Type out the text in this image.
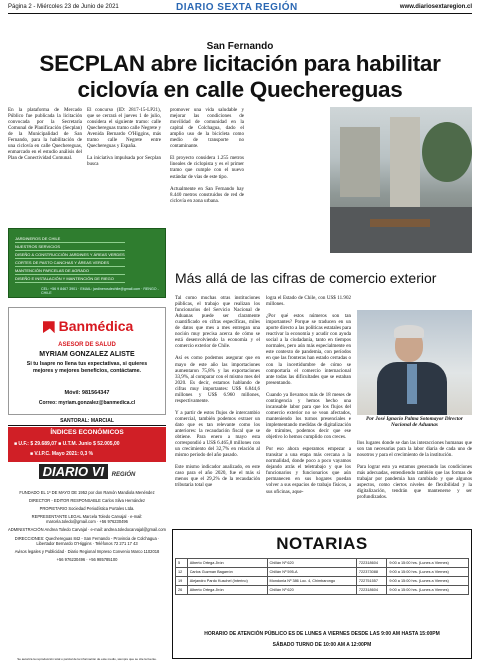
Página 2 - Miércoles 23 de Junio de 2021	DIARIO SEXTA REGIÓN	www.diariosextaregion.cl
San Fernando
SECPLAN abre licitación para habilitar ciclovía en calle Quechereguas
En la plataforma de Mercado Público fue publicada la licitación convocada por la Secretaría Comunal de Planificación (Secplan) de la Municipalidad de San Fernando, para la habilitación de una ciclovía en calle Quechereguas, enmarcado en el estudio análisis del Plan de Conectividad Comunal.
El concurso (ID: 2817-15-LP21), que se cerrará el jueves 1 de julio, considera el siguiente tramo: calle Quechereguas tramo calle Negrete y Avenida Bernardo O'Higgins, más tramo calle Negrete entre Quechereguas y España.

La iniciativa impulsada por Secplan busca
promover una vida saludable y mejorar las condiciones de movilidad de comunidad en la capital de Colchagua, dado el amplio uso de la bicicleta como medio de transporte no contaminante.

El proyecto considera 1.255 metros lineales de ciclopista y es el primer tramo que cumple con el nuevo estándar de vías de este tipo.

Actualmente en San Fernando hay 8.440 metros construidos de red de ciclovía en zona urbana.
JARDINEROS DE CHILE
NUESTROS SERVICIOS
DISEÑO & CONSTRUCCIÓN JARDINES Y ÁREAS VERDES
CORTES DE PASTO CANCHAS Y ÁREAS VERDES
MANTENCIÓN PARCELAS DE AGRADO
DISEÑO E INSTALACIÓN Y MANTENCIÓN DE RIEGO
CEL: +56 9 8467 3901 · EMAIL: jardinerosdechile@gmail.com · RENGO - CHILE
Más allá de las cifras de comercio exterior
Tal como muchas otras instituciones públicas, el trabajo que realizan los funcionarios del Servicio Nacional de Aduanas puede ser claramente cuantificado en cifras específicas, miles de datos que mes a mes entregan una noción muy precisa acerca de cómo se está desenvolviendo la economía y el comercio exterior de Chile.

Así es como podemos asegurar que en mayo de este año las importaciones aumentaron 75,8% y las exportaciones 33,9%, al comparar con el mismo mes del 2020. Es decir, estamos hablando de cifras muy importantes: US$ 6.844,6 millones y US$ 6.960 millones, respectivamente.

Y a partir de estos flujos de intercambio comercial, también podemos extraer un dato que es tan relevante como los anteriores: la recaudación fiscal que se obtiene. Para enero a mayo esta correspondió a US$ 6.465,8 millones con un crecimiento del 32,7% en relación al mismo periodo del año pasado.

Este mismo indicador analizado, en este caso para el año 2020, fue el más sí menos que el 29,2% de la recaudación tributaria total que
logra el Estado de Chile, con US$ 11.902 millones.

¿Por qué estos números son tan importantes? Porque se traducen en un aporte directo a las políticas estatales para reactivar la economía y acudir con ayuda social a la ciudadanía, tanto en tiempos normales, pero aún más especialmente en este contexto de pandemia, con períodos en que las fronteras han estado cerradas o con la incertidumbre de cómo se comportaría el comercio internacional ante todas las dificultades que se estaban presentando.

Cuando ya llevamos más de 18 meses de contingencia y hemos hecho una incansable labor para que los flujos del comercio exterior no se vean afectados, manteniendo los turnos presenciales e implementando medidas de digitalización de trámites, podemos decir que ese objetivo lo hemos cumplido con creces.

Por eso ahora esperamos empezar a transitar a una etapa más cercana a la normalidad, donde poco a poco vayamos dejando atrás el teletrabajo y que los funcionarios y funcionarios que aún permanecen en sus hogares puedan volver a sus espacios de trabajo físicos, a sus oficinas, aque-
llos lugares donde se dan las interacciones humanas que son tan necesarias para la labor diaria de cada uno de nosotros y para el crecimiento de la institución.

Para lograr esto ya estamos generando las condiciones más adecuadas, entendiendo también que las formas de trabajar por pandemia han cambiado y que algunos aspectos, como ciertos niveles de flexibilidad y la digitalización, tendrán que mantenerse y ser profundizados.
Por José Ignacio Palma Sotomayor Director Nacional de Aduanas
Banmédica
ASESOR DE SALUD
MYRIAM GONZALEZ ALISTE
Si tu Isapre no llena tus expectativas, si quieres mejores y mejores beneficios, contáctame.
Móvil: 981564347
Correo: myriam.gonzalez@banmedica.cl
SANTORAL: MARCIAL
ÍNDICES ECONÓMICOS
■ U.F.: $ 29.689,07 ■ U.T.M. Junio $ 52.005,00
■ V.I.P.C. Mayo 2021: 0,3 %
DIARIO VI REGIÓN
FUNDADO EL 1º DE MAYO DE 1952 por don Ramón Mandiola Menéndez
DIRECTOR - EDITOR RESPONSABLE Carlos Silva Hernández
PROPIETARIO Sociedad Periodística Portales Ltda.
REPRESENTANTE LEGAL Marcela Toledo Carvajal · e-mail: marcela.toledo@gmail.com · +56 976230496
ADMINISTRACIÓN Andrea Toledo Carvajal · e-mail: andrea.toledocarvajal@gmail.com
DIRECCIONES: Quechereguas 842 - San Fernando - Provincia de Colchagua · Libertador Bernardo O'Higgins · Teléfonos 72 271 17 43
Avisos legales y Publicidad · Diario Regional Impreso Convenio Marco 1102018
+56 976230496 · +56 985785100
Se autoriza la reproducción total o parcial de la información de este medio, siempre que se cite la fuente.
NOTARIAS
5	Alberto Ortega Jirón	Chillán Nº 620	722318604	9:00 a 15:00 hrs. (Lunes a Viernes)
12	Carlos Guzman Bagarrón	Chillán Nº 595-A	722373088	9:00 a 15:00 hrs. (Lunes a Viernes)
19	Alejandro Pardo Kuschel (Interino)	Mondonia Nº 386 Loc. 4, Chimbarongo	722751557	9:00 a 15:00 hrs. (Lunes a Viernes)
26	Alberto Ortega Jirón	Chillán Nº 620	722318604	9:00 a 15:00 hrs. (Lunes a Viernes)
HORARIO DE ATENCIÓN PÚBLICO ES DE LUNES A VIERNES DESDE LAS 9:00 AM HASTA 15:00PM
SÁBADO TURNO DE 10:00 AM A 12:00PM
